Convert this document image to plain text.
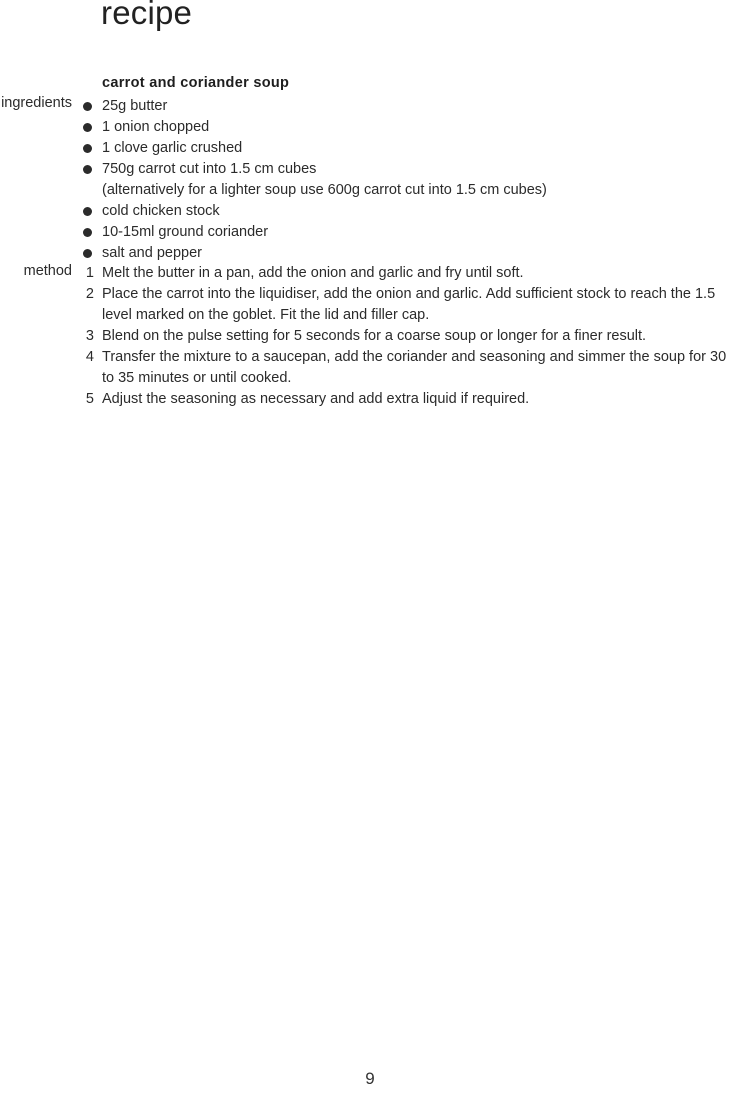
recipe
carrot and coriander soup
ingredients	25g butter
1 onion chopped
1 clove garlic crushed
750g carrot cut into 1.5 cm cubes
(alternatively for a lighter soup use 600g carrot cut into 1.5 cm cubes)
cold chicken stock
10-15ml ground coriander
salt and pepper
method 1 Melt the butter in a pan, add the onion and garlic and fry until soft.
2 Place the carrot into the liquidiser, add the onion and garlic. Add sufficient stock to reach the 1.5 level marked on the goblet. Fit the lid and filler cap.
3 Blend on the pulse setting for 5 seconds for a coarse soup or longer for a finer result.
4 Transfer the mixture to a saucepan, add the coriander and seasoning and simmer the soup for 30 to 35 minutes or until cooked.
5 Adjust the seasoning as necessary and add extra liquid if required.
9
